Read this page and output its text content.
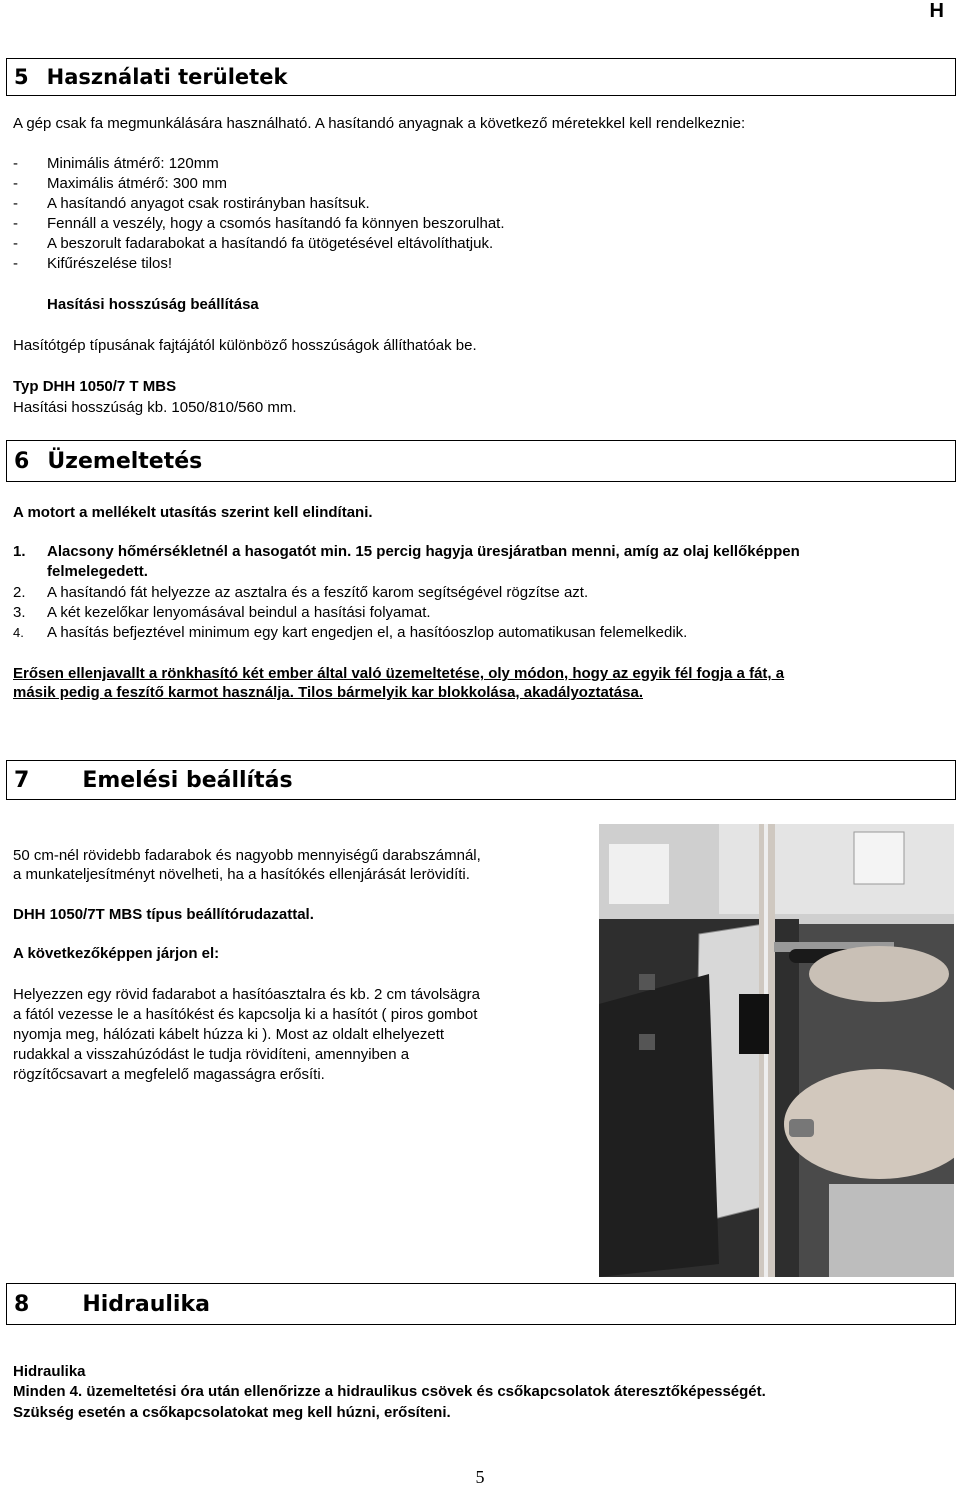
H
5 Használati területek
A gép csak fa megmunkálására használható. A hasítandó anyagnak a következő méretekkel kell rendelkeznie:
- Minimális átmérő: 120mm
- Maximális átmérő: 300 mm
- A hasítandó anyagot csak rostirányban hasítsuk.
- Fennáll a veszély, hogy a csomós hasítandó fa könnyen beszorulhat.
- A beszorult fadarabokat a hasítandó fa ütögetésével eltávolíthatjuk.
- Kifűrészelése tilos!
Hasítási hosszúság beállítása
Hasítótgép típusának fajtájától különböző hosszúságok állíthatóak be.
Typ DHH 1050/7 T MBS
Hasítási hosszúság kb. 1050/810/560 mm.
6 Üzemeltetés
A motort a mellékelt utasítás szerint kell elindítani.
1. Alacsony hőmérsékletnél a hasogatót min. 15 percig hagyja üresjáratban menni, amíg az olaj kellőképpen
felmelegedett.
2. A hasítandó fát helyezze az asztalra és a feszítő karom segítségével rögzítse azt.
3. A két kezelőkar lenyomásával beindul a hasítási folyamat.
4. A hasítás befjeztével minimum egy kart engedjen el, a hasítóoszlop automatikusan felemelkedik.
Erősen ellenjavallt a rönkhasító két ember által való üzemeltetése, oly módon, hogy az egyik fél fogja a fát, a
másik pedig a feszítő karmot használja. Tilos bármelyik kar blokkolása, akadályoztatása.
7 Emelési beállítás
50 cm-nél rövidebb fadarabok és nagyobb mennyiségű darabszámnál,
a munkateljesítményt növelheti, ha a hasítókés ellenjárását lerövidíti.
DHH 1050/7T MBS típus beállítórudazattal.
A következőképpen járjon el:
Helyezzen egy rövid fadarabot a hasítóasztalra és kb. 2 cm távolsägra
a fától vezesse le a hasítókést és kapcsolja ki a hasítót ( piros gombot
nyomja meg, hálózati kábelt húzza ki ). Most az oldalt elhelyezett
rudakkal a visszahúzódást le tudja rövidíteni, amennyiben a
rögzítőcsavart a megfelelő magasságra erősíti.
8 Hidraulika
Hidraulika
Minden 4. üzemeltetési óra után ellenőrizze a hidraulikus csövek és csőkapcsolatok áteresztőképességét.
Szükség esetén a csőkapcsolatokat meg kell húzni, erősíteni.
5
